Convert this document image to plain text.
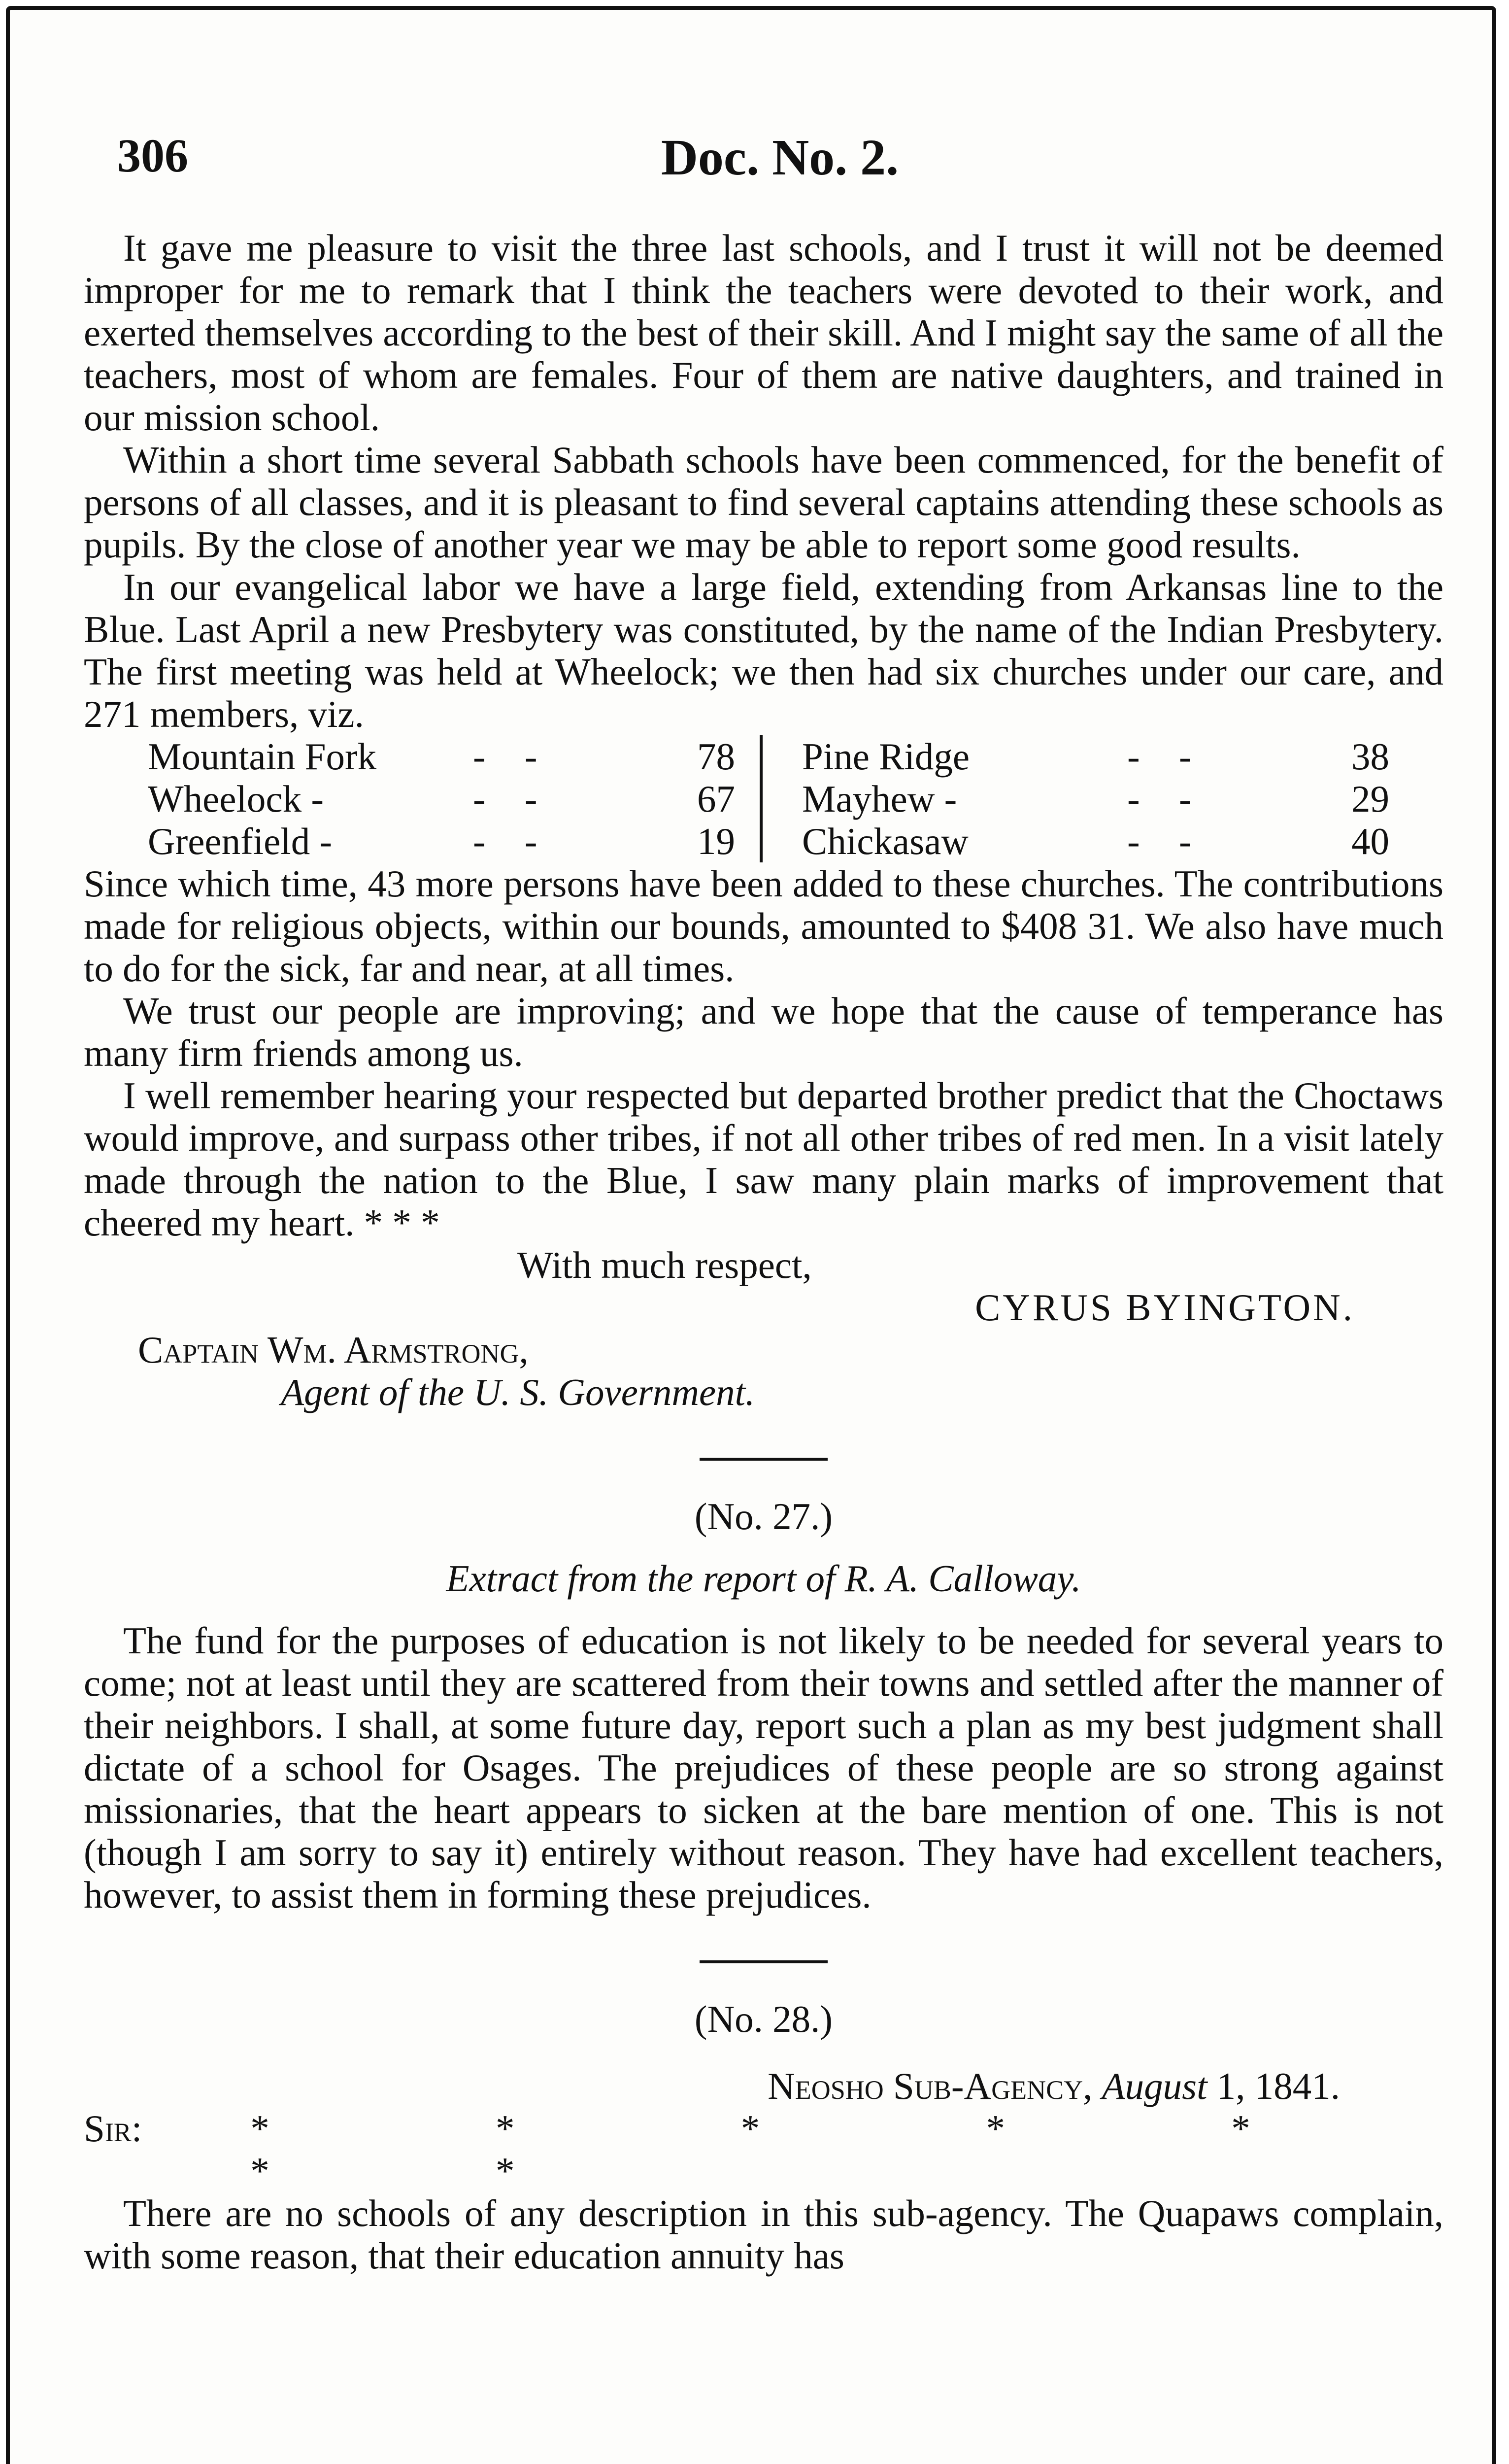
Doc. No. 2.
306

It gave me pleasure to visit the three last schools, and I trust it will not be deemed improper for me to remark that I think the teachers were devoted to their work, and exerted themselves according to the best of their skill. And I might say the same of all the teachers, most of whom are females. Four of them are native daughters, and trained in our mission school.

Within a short time several Sabbath schools have been commenced, for the benefit of persons of all classes, and it is pleasant to find several captains attending these schools as pupils. By the close of another year we may be able to report some good results.

In our evangelical labor we have a large field, extending from Arkansas line to the Blue. Last April a new Presbytery was constituted, by the name of the Indian Presbytery. The first meeting was held at Wheelock; we then had six churches under our care, and 271 members, viz.

Mountain Fork	- -	78
Wheelock -	- -	67
Greenfield -	- -	19
Pine Ridge	- -	38
Mayhew -	- -	29
Chickasaw	- -	40

Since which time, 43 more persons have been added to these churches. The contributions made for religious objects, within our bounds, amounted to $408 31. We also have much to do for the sick, far and near, at all times.

We trust our people are improving; and we hope that the cause of temperance has many firm friends among us.

I well remember hearing your respected but departed brother predict that the Choctaws would improve, and surpass other tribes, if not all other tribes of red men. In a visit lately made through the nation to the Blue, I saw many plain marks of improvement that cheered my heart. * * *

With much respect,

CYRUS BYINGTON.

Captain Wm. Armstrong,

Agent of the U. S. Government.

(No. 27.)
Extract from the report of R. A. Calloway.

The fund for the purposes of education is not likely to be needed for several years to come; not at least until they are scattered from their towns and settled after the manner of their neighbors. I shall, at some future day, report such a plan as my best judgment shall dictate of a school for Osages. The prejudices of these people are so strong against missionaries, that the heart appears to sicken at the bare mention of one. This is not (though I am sorry to say it) entirely without reason. They have had excellent teachers, however, to assist them in forming these prejudices.

(No. 28.)

Neosho Sub-Agency, August 1, 1841.

Sir:	* * * * * * *

There are no schools of any description in this sub-agency. The Quapaws complain, with some reason, that their education annuity has
